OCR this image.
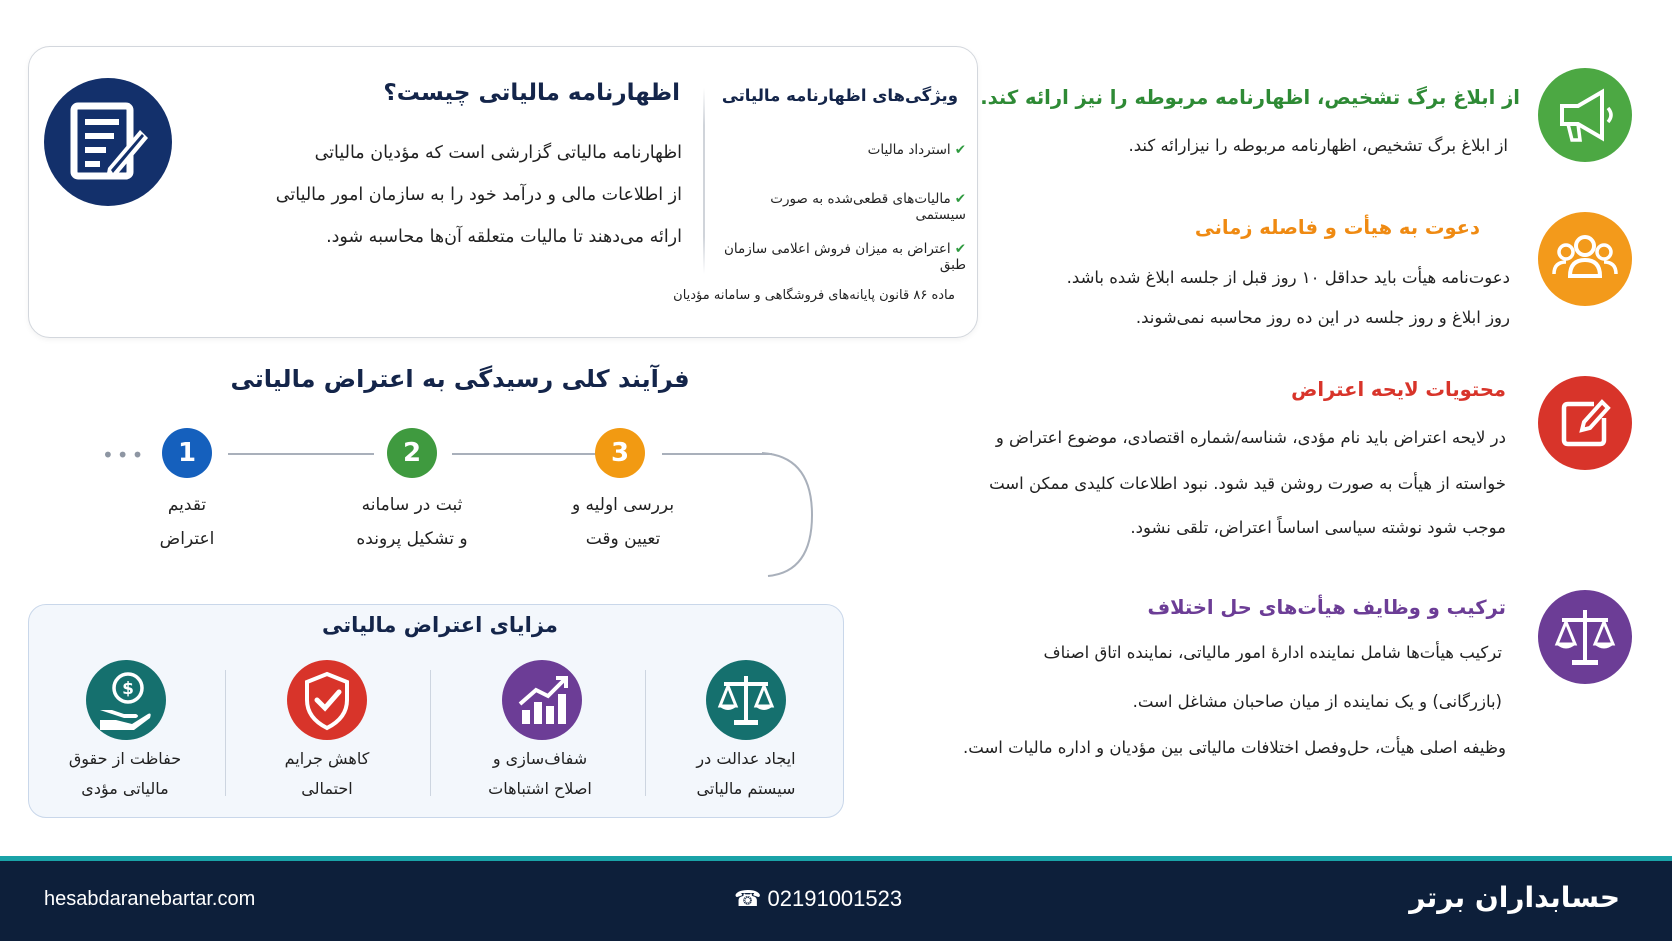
اظهارنامه مالیاتی چیست؟
اظهارنامه مالیاتی گزارشی است که مؤدیان مالیاتی
از اطلاعات مالی و درآمد خود را به سازمان امور مالیاتی
ارائه می‌دهند تا مالیات متعلقه آن‌ها محاسبه شود.
ویژگی‌های اظهارنامه مالیاتی
✔استرداد مالیات
✔مالیات‌های قطعی‌شده به صورت سیستمی
✔اعتراض به میزان فروش اعلامی سازمان طبق
ماده ۸۶ قانون پایانه‌های فروشگاهی و سامانه مؤدیان
فرآیند کلی رسیدگی به اعتراض مالیاتی
•••	1	2	3
تقدیم
اعتراض
ثبت در سامانه
و تشکیل پرونده
بررسی اولیه و
تعیین وقت
مزایای اعتراض مالیاتی
$
حفاظت از حقوق
مالیاتی مؤدی
کاهش جرایم
احتمالی
شفاف‌سازی و
اصلاح اشتباهات
ایجاد عدالت در
سیستم مالیاتی
از ابلاغ برگ تشخیص، اظهارنامه مربوطه را نیز ارائه کند.
از ابلاغ برگ تشخیص، اظهارنامه مربوطه را نیزارائه کند.
دعوت به هیأت و فاصله زمانی
دعوت‌نامه هیأت باید حداقل ۱۰ روز قبل از جلسه ابلاغ شده باشد.
روز ابلاغ و روز جلسه در این ده روز محاسبه نمی‌شوند.
محتویات لایحه اعتراض
در لایحه اعتراض باید نام مؤدی، شناسه/شماره اقتصادی، موضوع اعتراض و
خواسته از هیأت به صورت روشن قید شود. نبود اطلاعات کلیدی ممکن است
موجب شود نوشته سیاسی اساساً اعتراض، تلقی نشود.
ترکیب و وظایف هیأت‌های حل اختلاف
ترکیب هیأت‌ها شامل نماینده ادارۀ امور مالیاتی، نماینده اتاق اصناف
(بازرگانی) و یک نماینده از میان صاحبان مشاغل است.
وظیفه اصلی هیأت، حل‌وفصل اختلافات مالیاتی بین مؤدیان و اداره مالیات است.
hesabdaranebartar.com	☎ 02191001523	حسابداران برتر
